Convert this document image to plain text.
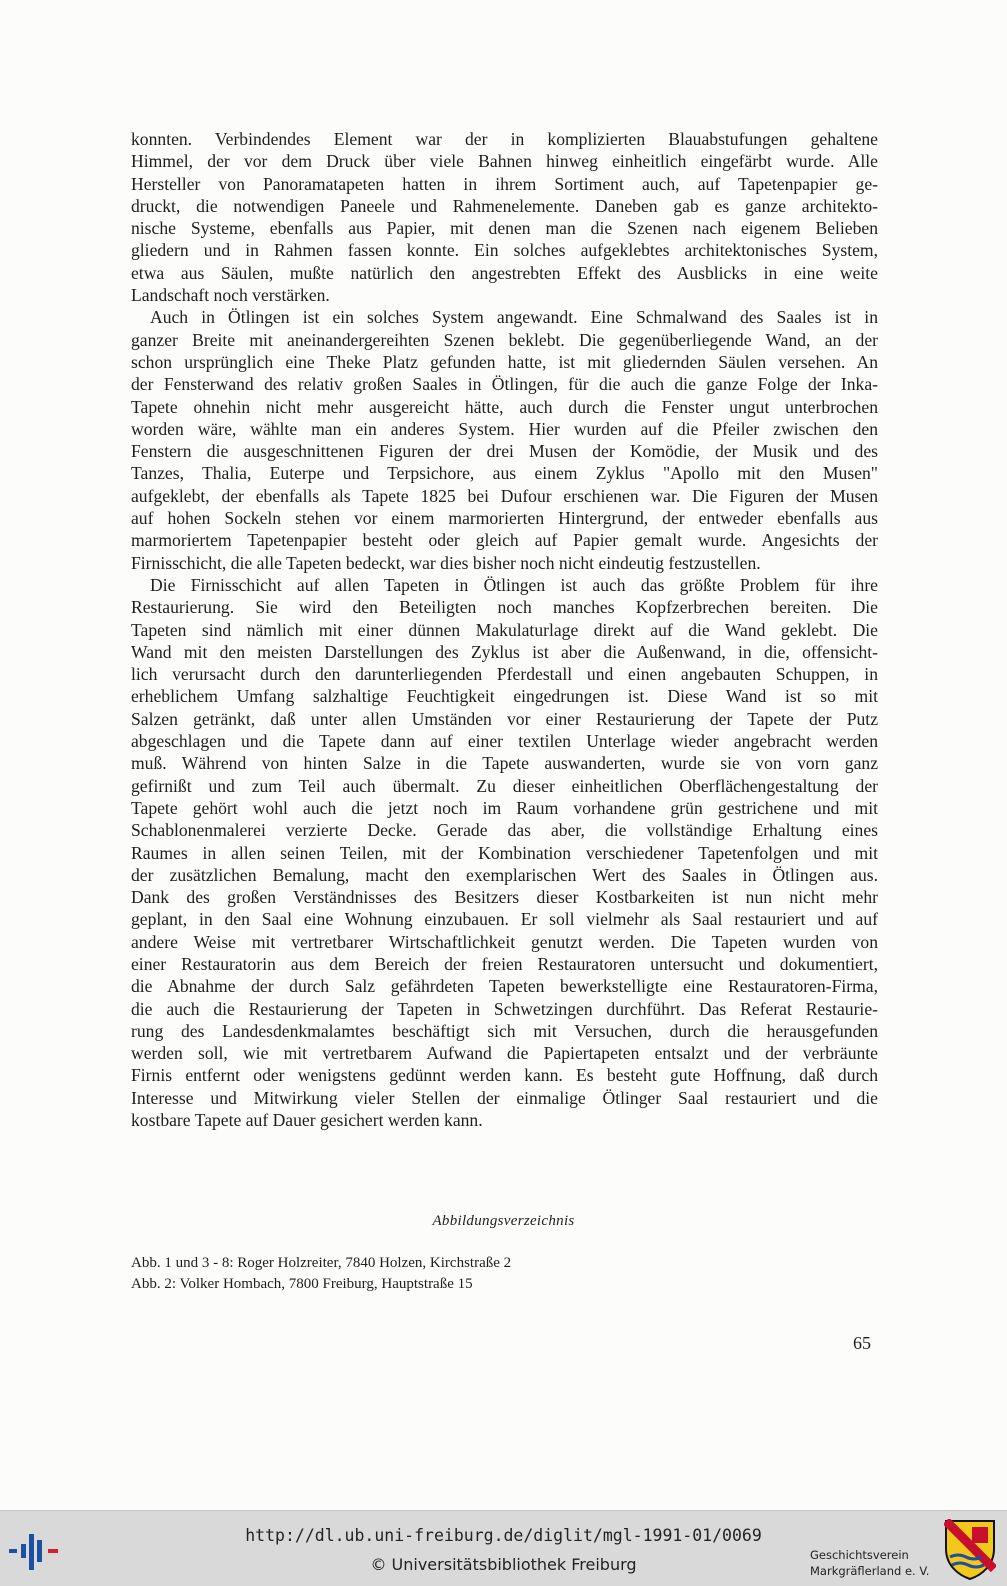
konnten. Verbindendes Element war der in komplizierten Blauabstufungen gehaltene
Himmel, der vor dem Druck über viele Bahnen hinweg einheitlich eingefärbt wurde. Alle
Hersteller von Panoramatapeten hatten in ihrem Sortiment auch, auf Tapetenpapier ge-
druckt, die notwendigen Paneele und Rahmenelemente. Daneben gab es ganze architekto-
nische Systeme, ebenfalls aus Papier, mit denen man die Szenen nach eigenem Belieben
gliedern und in Rahmen fassen konnte. Ein solches aufgeklebtes architektonisches System,
etwa aus Säulen, mußte natürlich den angestrebten Effekt des Ausblicks in eine weite
Landschaft noch verstärken.
Auch in Ötlingen ist ein solches System angewandt. Eine Schmalwand des Saales ist in
ganzer Breite mit aneinandergereihten Szenen beklebt. Die gegenüberliegende Wand, an der
schon ursprünglich eine Theke Platz gefunden hatte, ist mit gliedernden Säulen versehen. An
der Fensterwand des relativ großen Saales in Ötlingen, für die auch die ganze Folge der Inka-
Tapete ohnehin nicht mehr ausgereicht hätte, auch durch die Fenster ungut unterbrochen
worden wäre, wählte man ein anderes System. Hier wurden auf die Pfeiler zwischen den
Fenstern die ausgeschnittenen Figuren der drei Musen der Komödie, der Musik und des
Tanzes, Thalia, Euterpe und Terpsichore, aus einem Zyklus "Apollo mit den Musen"
aufgeklebt, der ebenfalls als Tapete 1825 bei Dufour erschienen war. Die Figuren der Musen
auf hohen Sockeln stehen vor einem marmorierten Hintergrund, der entweder ebenfalls aus
marmoriertem Tapetenpapier besteht oder gleich auf Papier gemalt wurde. Angesichts der
Firnisschicht, die alle Tapeten bedeckt, war dies bisher noch nicht eindeutig festzustellen.
Die Firnisschicht auf allen Tapeten in Ötlingen ist auch das größte Problem für ihre
Restaurierung. Sie wird den Beteiligten noch manches Kopfzerbrechen bereiten. Die
Tapeten sind nämlich mit einer dünnen Makulaturlage direkt auf die Wand geklebt. Die
Wand mit den meisten Darstellungen des Zyklus ist aber die Außenwand, in die, offensicht-
lich verursacht durch den darunterliegenden Pferdestall und einen angebauten Schuppen, in
erheblichem Umfang salzhaltige Feuchtigkeit eingedrungen ist. Diese Wand ist so mit
Salzen getränkt, daß unter allen Umständen vor einer Restaurierung der Tapete der Putz
abgeschlagen und die Tapete dann auf einer textilen Unterlage wieder angebracht werden
muß. Während von hinten Salze in die Tapete auswanderten, wurde sie von vorn ganz
gefirnißt und zum Teil auch übermalt. Zu dieser einheitlichen Oberflächengestaltung der
Tapete gehört wohl auch die jetzt noch im Raum vorhandene grün gestrichene und mit
Schablonenmalerei verzierte Decke. Gerade das aber, die vollständige Erhaltung eines
Raumes in allen seinen Teilen, mit der Kombination verschiedener Tapetenfolgen und mit
der zusätzlichen Bemalung, macht den exemplarischen Wert des Saales in Ötlingen aus.
Dank des großen Verständnisses des Besitzers dieser Kostbarkeiten ist nun nicht mehr
geplant, in den Saal eine Wohnung einzubauen. Er soll vielmehr als Saal restauriert und auf
andere Weise mit vertretbarer Wirtschaftlichkeit genutzt werden. Die Tapeten wurden von
einer Restauratorin aus dem Bereich der freien Restauratoren untersucht und dokumentiert,
die Abnahme der durch Salz gefährdeten Tapeten bewerkstelligte eine Restauratoren-Firma,
die auch die Restaurierung der Tapeten in Schwetzingen durchführt. Das Referat Restaurie-
rung des Landesdenkmalamtes beschäftigt sich mit Versuchen, durch die herausgefunden
werden soll, wie mit vertretbarem Aufwand die Papiertapeten entsalzt und der verbräunte
Firnis entfernt oder wenigstens gedünnt werden kann. Es besteht gute Hoffnung, daß durch
Interesse und Mitwirkung vieler Stellen der einmalige Ötlinger Saal restauriert und die
kostbare Tapete auf Dauer gesichert werden kann.
Abbildungsverzeichnis
Abb. 1 und 3 - 8: Roger Holzreiter, 7840 Holzen, Kirchstraße 2
Abb. 2: Volker Hombach, 7800 Freiburg, Hauptstraße 15
65
http://dl.ub.uni-freiburg.de/diglit/mgl-1991-01/0069
© Universitätsbibliothek Freiburg	Geschichtsverein
Markgräflerland e. V.
